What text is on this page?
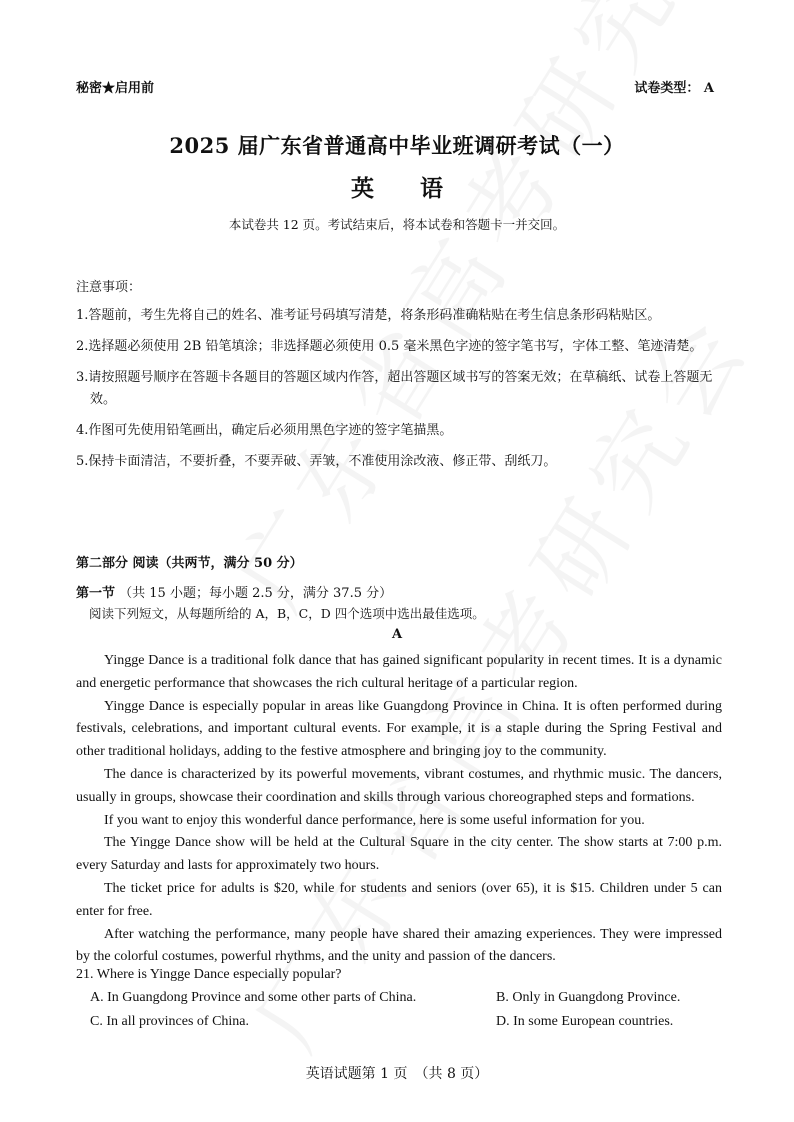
秘密★启用前	试卷类型： A
2025 届广东省普通高中毕业班调研考试（一）
英　　语
本试卷共 12 页。考试结束后，将本试卷和答题卡一并交回。
注意事项：

1.答题前，考生先将自己的姓名、准考证号码填写清楚，将条形码准确粘贴在考生信息条形码粘贴区。

2.选择题必须使用 2B 铅笔填涂；非选择题必须使用 0.5 毫米黑色字迹的签字笔书写，字体工整、笔迹清楚。

3.请按照题号顺序在答题卡各题目的答题区域内作答，超出答题区域书写的答案无效；在草稿纸、试卷上答题无效。

4.作图可先使用铅笔画出，确定后必须用黑色字迹的签字笔描黑。

5.保持卡面清洁，不要折叠，不要弄破、弄皱，不准使用涂改液、修正带、刮纸刀。

第二部分 阅读（共两节，满分 50 分）
第一节 （共 15 小题；每小题 2.5 分，满分 37.5 分）
阅读下列短文，从每题所给的 A，B，C，D 四个选项中选出最佳选项。
A

Yingge Dance is a traditional folk dance that has gained significant popularity in recent times. It is a dynamic and energetic performance that showcases the rich cultural heritage of a particular region.

Yingge Dance is especially popular in areas like Guangdong Province in China. It is often performed during festivals, celebrations, and important cultural events. For example, it is a staple during the Spring Festival and other traditional holidays, adding to the festive atmosphere and bringing joy to the community.

The dance is characterized by its powerful movements, vibrant costumes, and rhythmic music. The dancers, usually in groups, showcase their coordination and skills through various choreographed steps and formations.

If you want to enjoy this wonderful dance performance, here is some useful information for you.

The Yingge Dance show will be held at the Cultural Square in the city center. The show starts at 7:00 p.m. every Saturday and lasts for approximately two hours.

The ticket price for adults is $20, while for students and seniors (over 65), it is $15. Children under 5 can enter for free.

After watching the performance, many people have shared their amazing experiences. They were impressed by the colorful costumes, powerful rhythms, and the unity and passion of the dancers.

21. Where is Yingge Dance especially popular?
A. In Guangdong Province and some other parts of China.	B. Only in Guangdong Province.
C. In all provinces of China.	D. In some European countries.
英语试题第 1 页　（共 8 页）
